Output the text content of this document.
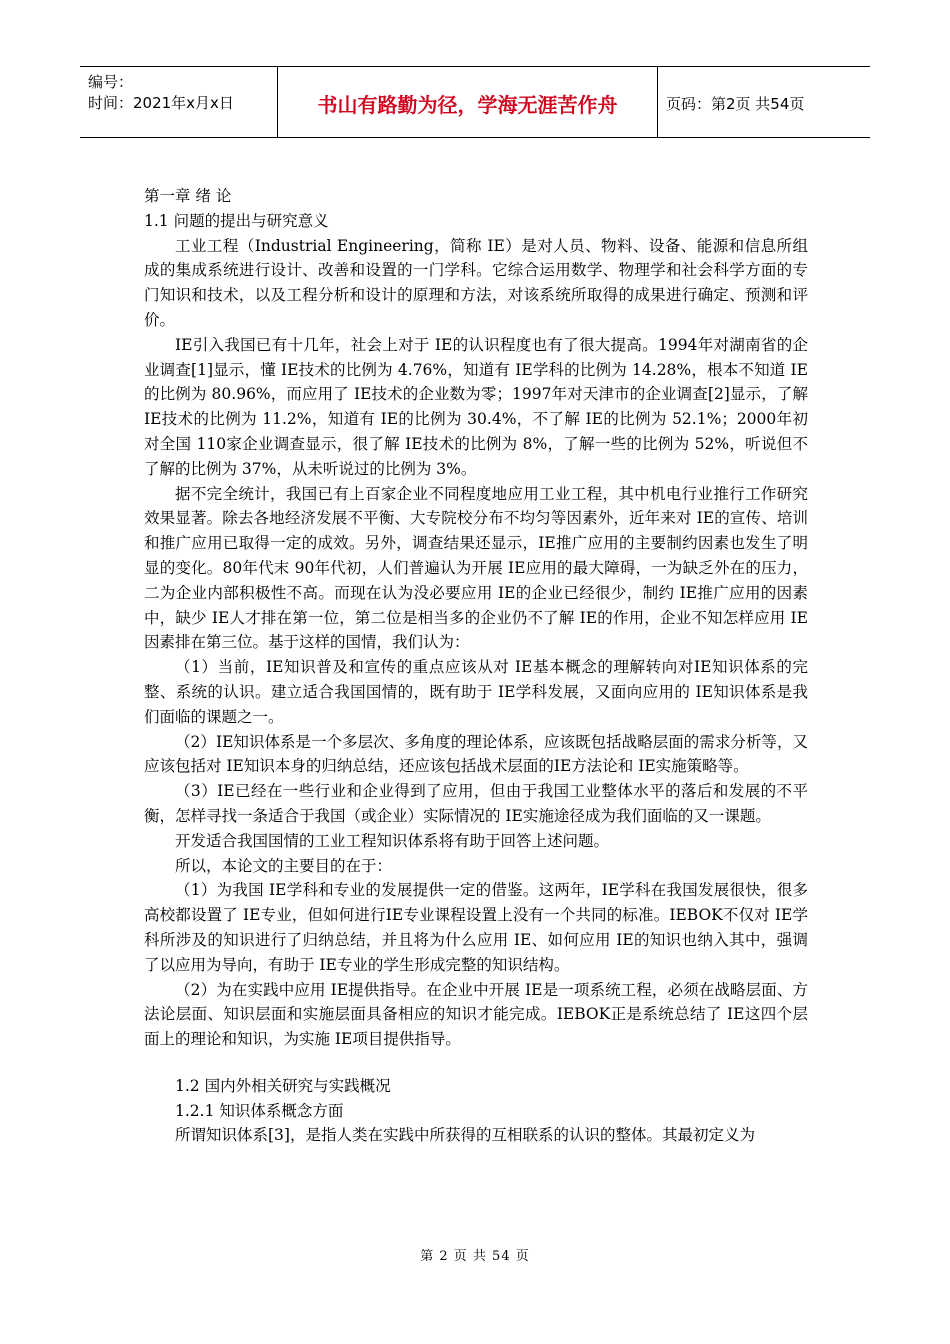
编号：
时间：2021年x月x日	书山有路勤为径，学海无涯苦作舟	页码：第2页 共54页

第一章 绪 论

1.1 问题的提出与研究意义

工业工程（Industrial Engineering，简称 IE）是对人员、物料、设备、能源和信息所组成的集成系统进行设计、改善和设置的一门学科。它综合运用数学、物理学和社会科学方面的专门知识和技术，以及工程分析和设计的原理和方法，对该系统所取得的成果进行确定、预测和评价。

IE引入我国已有十几年，社会上对于 IE的认识程度也有了很大提高。1994年对湖南省的企业调查[1]显示，懂 IE技术的比例为 4.76%，知道有 IE学科的比例为 14.28%，根本不知道 IE的比例为 80.96%，而应用了 IE技术的企业数为零；1997年对天津市的企业调查[2]显示，了解 IE技术的比例为 11.2%，知道有 IE的比例为 30.4%，不了解 IE的比例为 52.1%；2000年初对全国 110家企业调查显示，很了解 IE技术的比例为 8%，了解一些的比例为 52%，听说但不了解的比例为 37%，从未听说过的比例为 3%。

据不完全统计，我国已有上百家企业不同程度地应用工业工程，其中机电行业推行工作研究效果显著。除去各地经济发展不平衡、大专院校分布不均匀等因素外，近年来对 IE的宣传、培训和推广应用已取得一定的成效。另外，调查结果还显示，IE推广应用的主要制约因素也发生了明显的变化。80年代末 90年代初，人们普遍认为开展 IE应用的最大障碍，一为缺乏外在的压力，二为企业内部积极性不高。而现在认为没必要应用 IE的企业已经很少，制约 IE推广应用的因素中，缺少 IE人才排在第一位，第二位是相当多的企业仍不了解 IE的作用，企业不知怎样应用 IE因素排在第三位。基于这样的国情，我们认为：

（1）当前，IE知识普及和宣传的重点应该从对 IE基本概念的理解转向对IE知识体系的完整、系统的认识。建立适合我国国情的，既有助于 IE学科发展，又面向应用的 IE知识体系是我们面临的课题之一。

（2）IE知识体系是一个多层次、多角度的理论体系，应该既包括战略层面的需求分析等，又应该包括对 IE知识本身的归纳总结，还应该包括战术层面的IE方法论和 IE实施策略等。

（3）IE已经在一些行业和企业得到了应用，但由于我国工业整体水平的落后和发展的不平衡，怎样寻找一条适合于我国（或企业）实际情况的 IE实施途径成为我们面临的又一课题。

开发适合我国国情的工业工程知识体系将有助于回答上述问题。

所以，本论文的主要目的在于：

（1）为我国 IE学科和专业的发展提供一定的借鉴。这两年，IE学科在我国发展很快，很多高校都设置了 IE专业，但如何进行IE专业课程设置上没有一个共同的标准。IEBOK不仅对 IE学科所涉及的知识进行了归纳总结，并且将为什么应用 IE、如何应用 IE的知识也纳入其中，强调了以应用为导向，有助于 IE专业的学生形成完整的知识结构。

（2）为在实践中应用 IE提供指导。在企业中开展 IE是一项系统工程，必须在战略层面、方法论层面、知识层面和实施层面具备相应的知识才能完成。IEBOK正是系统总结了 IE这四个层面上的理论和知识，为实施 IE项目提供指导。

1.2 国内外相关研究与实践概况

1.2.1 知识体系概念方面

所谓知识体系[3]，是指人类在实践中所获得的互相联系的认识的整体。其最初定义为

第 2 页 共 54 页
